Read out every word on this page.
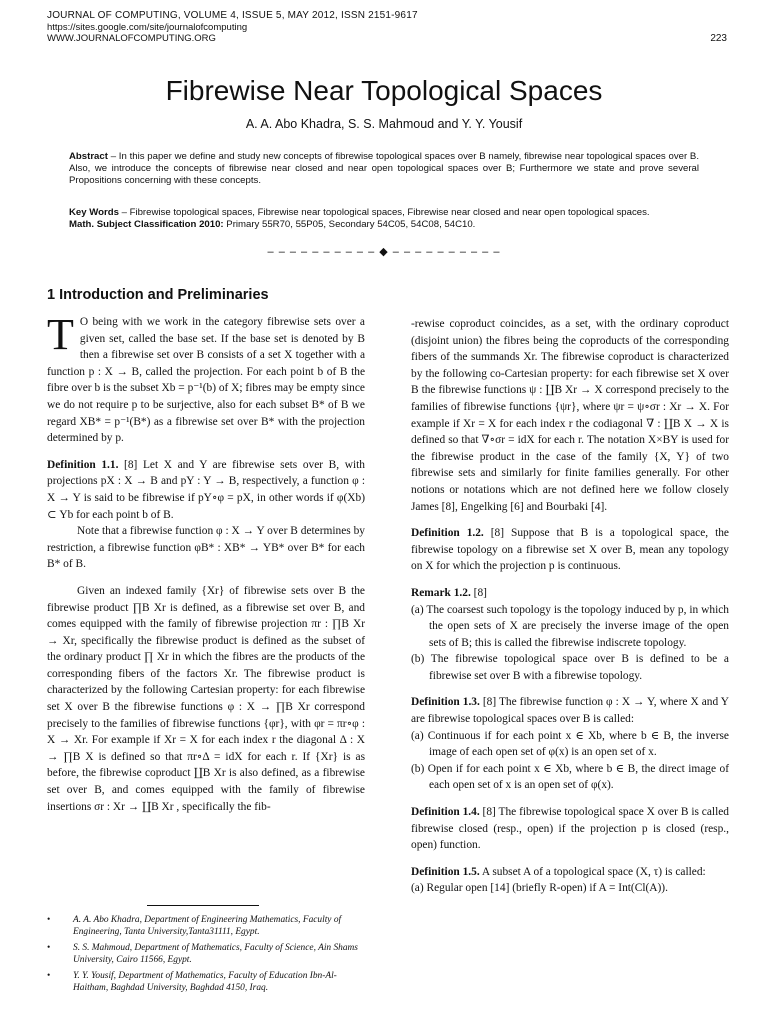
JOURNAL OF COMPUTING, VOLUME 4, ISSUE 5, MAY 2012, ISSN 2151-9617
https://sites.google.com/site/journalofcomputing
WWW.JOURNALOFCOMPUTING.ORG	223
Fibrewise Near Topological Spaces
A. A. Abo Khadra, S. S. Mahmoud and Y. Y. Yousif
Abstract – In this paper we define and study new concepts of fibrewise topological spaces over B namely, fibrewise near topological spaces over B. Also, we introduce the concepts of fibrewise near closed and near open topological spaces over B; Furthermore we state and prove several Propositions concerning with these concepts.
Key Words – Fibrewise topological spaces, Fibrewise near topological spaces, Fibrewise near closed and near open topological spaces.
Math. Subject Classification 2010: Primary 55R70, 55P05, Secondary 54C05, 54C08, 54C10.
– – – – – – – – – – ◆ – – – – – – – – – –
1 Introduction and Preliminaries

T O being with we work in the category fibrewise sets over a given set, called the base set. If the base set is denoted by B then a fibrewise set over B consists of a set X together with a function p : X → B, called the projection. For each point b of B the fibre over b is the subset Xb = p⁻¹(b) of X; fibres may be empty since we do not require p to be surjective, also for each subset B* of B we regard XB* = p⁻¹(B*) as a fibrewise set over B* with the projection determined by p.

Definition 1.1. [8] Let X and Y are fibrewise sets over B, with projections pX : X → B and pY : Y → B, respectively, a function φ : X → Y is said to be fibrewise if pY∘φ = pX, in other words if φ(Xb) ⊂ Yb for each point b of B.

Note that a fibrewise function φ : X → Y over B determines by restriction, a fibrewise function φB* : XB* → YB* over B* for each B* of B.

Given an indexed family {Xr} of fibrewise sets over B the fibrewise product ∏B Xr is defined, as a fibrewise set over B, and comes equipped with the family of fibrewise projection πr : ∏B Xr → Xr, specifically the fibrewise product is defined as the subset of the ordinary product ∏ Xr in which the fibres are the products of the corresponding fibers of the factors Xr. The fibrewise product is characterized by the following Cartesian property: for each fibrewise set X over B the fibrewise functions φ : X → ∏B Xr correspond precisely to the families of fibrewise functions {φr}, with φr = πr∘φ : X → Xr. For example if Xr = X for each index r the diagonal Δ : X → ∏B X is defined so that πr∘Δ = idX for each r. If {Xr} is as before, the fibrewise coproduct ∐B Xr is also defined, as a fibrewise set over B, and comes equipped with the family of fibrewise insertions σr : Xr → ∐B Xr , specifically the fib-

• A. A. Abo Khadra, Department of Engineering Mathematics, Faculty of Engineering, Tanta University,Tanta31111, Egypt.
• S. S. Mahmoud, Department of Mathematics, Faculty of Science, Ain Shams University, Cairo 11566, Egypt.
• Y. Y. Yousif, Department of Mathematics, Faculty of Education Ibn-Al-Haitham, Baghdad University, Baghdad 4150, Iraq.

-rewise coproduct coincides, as a set, with the ordinary coproduct (disjoint union) the fibres being the coproducts of the corresponding fibers of the summands Xr. The fibrewise coproduct is characterized by the following co-Cartesian property: for each fibrewise set X over B the fibrewise functions ψ : ∐B Xr → X correspond precisely to the families of fibrewise functions {ψr}, where ψr = ψ∘σr : Xr → X. For example if Xr = X for each index r the codiagonal ∇ : ∐B X → X is defined so that ∇∘σr = idX for each r. The notation X×BY is used for the fibrewise product in the case of the family {X, Y} of two fibrewise sets and similarly for finite families generally. For other notions or notations which are not defined here we follow closely James [8], Engelking [6] and Bourbaki [4].

Definition 1.2. [8] Suppose that B is a topological space, the fibrewise topology on a fibrewise set X over B, mean any topology on X for which the projection p is continuous.

Remark 1.2. [8]
(a) The coarsest such topology is the topology induced by p, in which the open sets of X are precisely the inverse image of the open sets of B; this is called the fibrewise indiscrete topology.
(b) The fibrewise topological space over B is defined to be a fibrewise set over B with a fibrewise topology.
Definition 1.3. [8] The fibrewise function φ : X → Y, where X and Y are fibrewise topological spaces over B is called:
(a) Continuous if for each point x ∈ Xb, where b ∈ B, the inverse image of each open set of φ(x) is an open set of x.
(b) Open if for each point x ∈ Xb, where b ∈ B, the direct image of each open set of x is an open set of φ(x).

Definition 1.4. [8] The fibrewise topological space X over B is called fibrewise closed (resp., open) if the projection p is closed (resp., open) function.

Definition 1.5. A subset A of a topological space (X, τ) is called:
(a) Regular open [14] (briefly R-open) if A = Int(Cl(A)).
